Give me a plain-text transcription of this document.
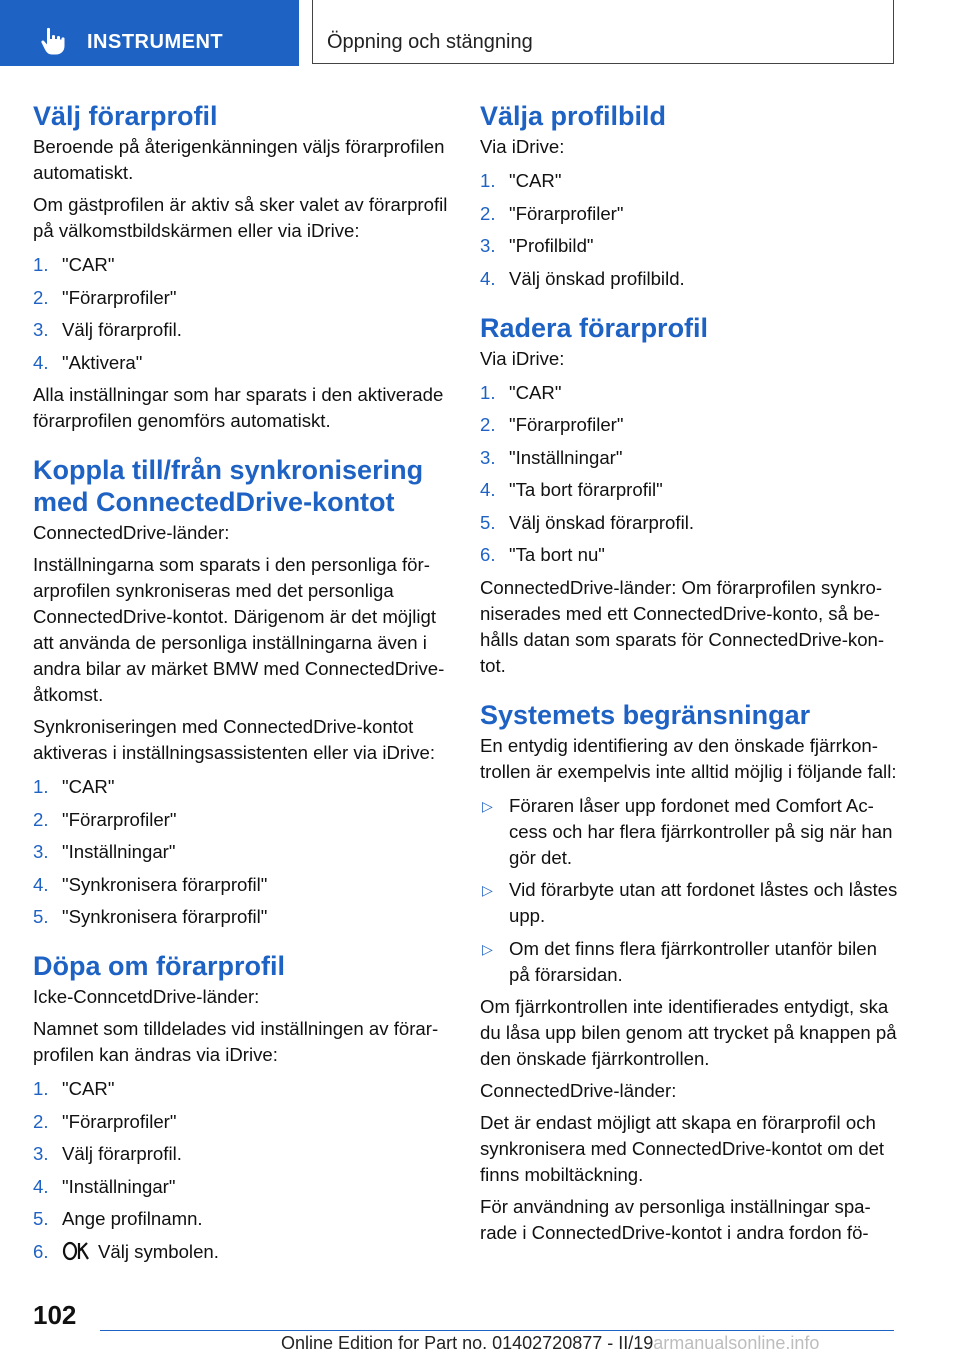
INSTRUMENT	Öppning och stängning
Välj förarprofil

Beroende på återigenkänningen väljs förarprofilen automatiskt.

Om gästprofilen är aktiv så sker valet av förarprofil på välkomstbildskärmen eller via iDrive:

1. "CAR"
2. "Förarprofiler"
3. Välj förarprofil.
4. "Aktivera"

Alla inställningar som har sparats i den aktiverade förarprofilen genomförs automatiskt.

Koppla till/från synkronisering med ConnectedDrive-kontot

ConnectedDrive-länder:

Inställningarna som sparats i den personliga förarprofilen synkroniseras med det personliga ConnectedDrive-kontot. Därigenom är det möjligt att använda de personliga inställningarna även i andra bilar av märket BMW med ConnectedDrive-åtkomst.

Synkroniseringen med ConnectedDrive-kontot aktiveras i inställningsassistenten eller via iDrive:

1. "CAR"
2. "Förarprofiler"
3. "Inställningar"
4. "Synkronisera förarprofil"
5. "Synkronisera förarprofil"
Döpa om förarprofil

Icke-ConncetdDrive-länder:

Namnet som tilldelades vid inställningen av förarprofilen kan ändras via iDrive:

1. "CAR"
2. "Förarprofiler"
3. Välj förarprofil.
4. "Inställningar"
5. Ange profilnamn.
6.	Välj symbolen.
Välja profilbild

Via iDrive:

1. "CAR"
2. "Förarprofiler"
3. "Profilbild"
4. Välj önskad profilbild.
Radera förarprofil

Via iDrive:

1. "CAR"
2. "Förarprofiler"
3. "Inställningar"
4. "Ta bort förarprofil"
5. Välj önskad förarprofil.
6. "Ta bort nu"

ConnectedDrive-länder: Om förarprofilen synkroniserades med ett ConnectedDrive-konto, så behålls datan som sparats för ConnectedDrive-kontot.

Systemets begränsningar

En entydig identifiering av den önskade fjärrkontrollen är exempelvis inte alltid möjlig i följande fall:

▷ Föraren låser upp fordonet med Comfort Access och har flera fjärrkontroller på sig när han gör det.
▷ Vid förarbyte utan att fordonet låstes och låstes upp.
▷ Om det finns flera fjärrkontroller utanför bilen på förarsidan.

Om fjärrkontrollen inte identifierades entydigt, ska du låsa upp bilen genom att trycket på knappen på den önskade fjärrkontrollen.

ConnectedDrive-länder:

Det är endast möjligt att skapa en förarprofil och synkronisera med ConnectedDrive-kontot om det finns mobiltäckning.

För användning av personliga inställningar sparade i ConnectedDrive-kontot i andra fordon fö-

102
Online Edition for Part no. 01402720877 - II/19armanualsonline.info
